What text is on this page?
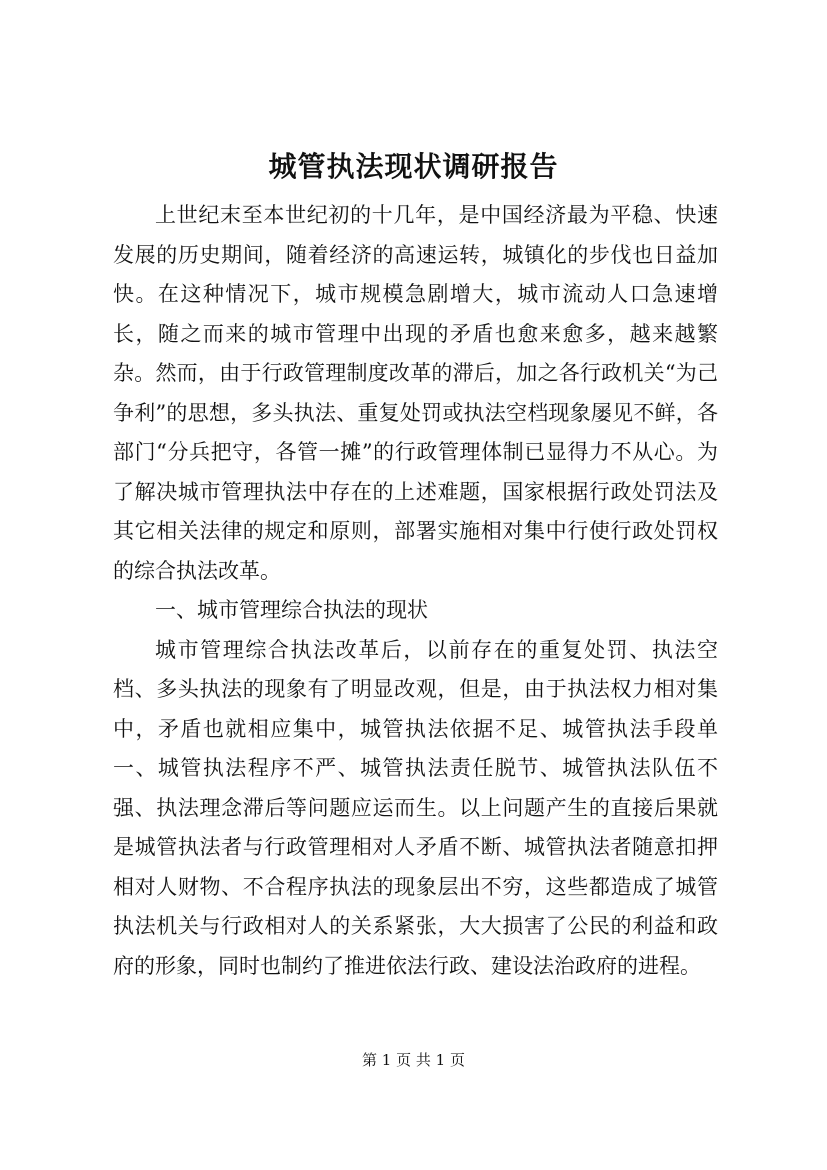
城管执法现状调研报告

上世纪末至本世纪初的十几年，是中国经济最为平稳、快速发展的历史期间，随着经济的高速运转，城镇化的步伐也日益加快。在这种情况下，城市规模急剧增大，城市流动人口急速增长，随之而来的城市管理中出现的矛盾也愈来愈多，越来越繁杂。然而，由于行政管理制度改革的滞后，加之各行政机关“为己争利”的思想，多头执法、重复处罚或执法空档现象屡见不鲜，各部门“分兵把守，各管一摊”的行政管理体制已显得力不从心。为了解决城市管理执法中存在的上述难题，国家根据行政处罚法及其它相关法律的规定和原则，部署实施相对集中行使行政处罚权的综合执法改革。

一、城市管理综合执法的现状

城市管理综合执法改革后，以前存在的重复处罚、执法空档、多头执法的现象有了明显改观，但是，由于执法权力相对集中，矛盾也就相应集中，城管执法依据不足、城管执法手段单一、城管执法程序不严、城管执法责任脱节、城管执法队伍不强、执法理念滞后等问题应运而生。以上问题产生的直接后果就是城管执法者与行政管理相对人矛盾不断、城管执法者随意扣押相对人财物、不合程序执法的现象层出不穷，这些都造成了城管执法机关与行政相对人的关系紧张，大大损害了公民的利益和政府的形象，同时也制约了推进依法行政、建设法治政府的进程。

第 1 页 共 1 页
